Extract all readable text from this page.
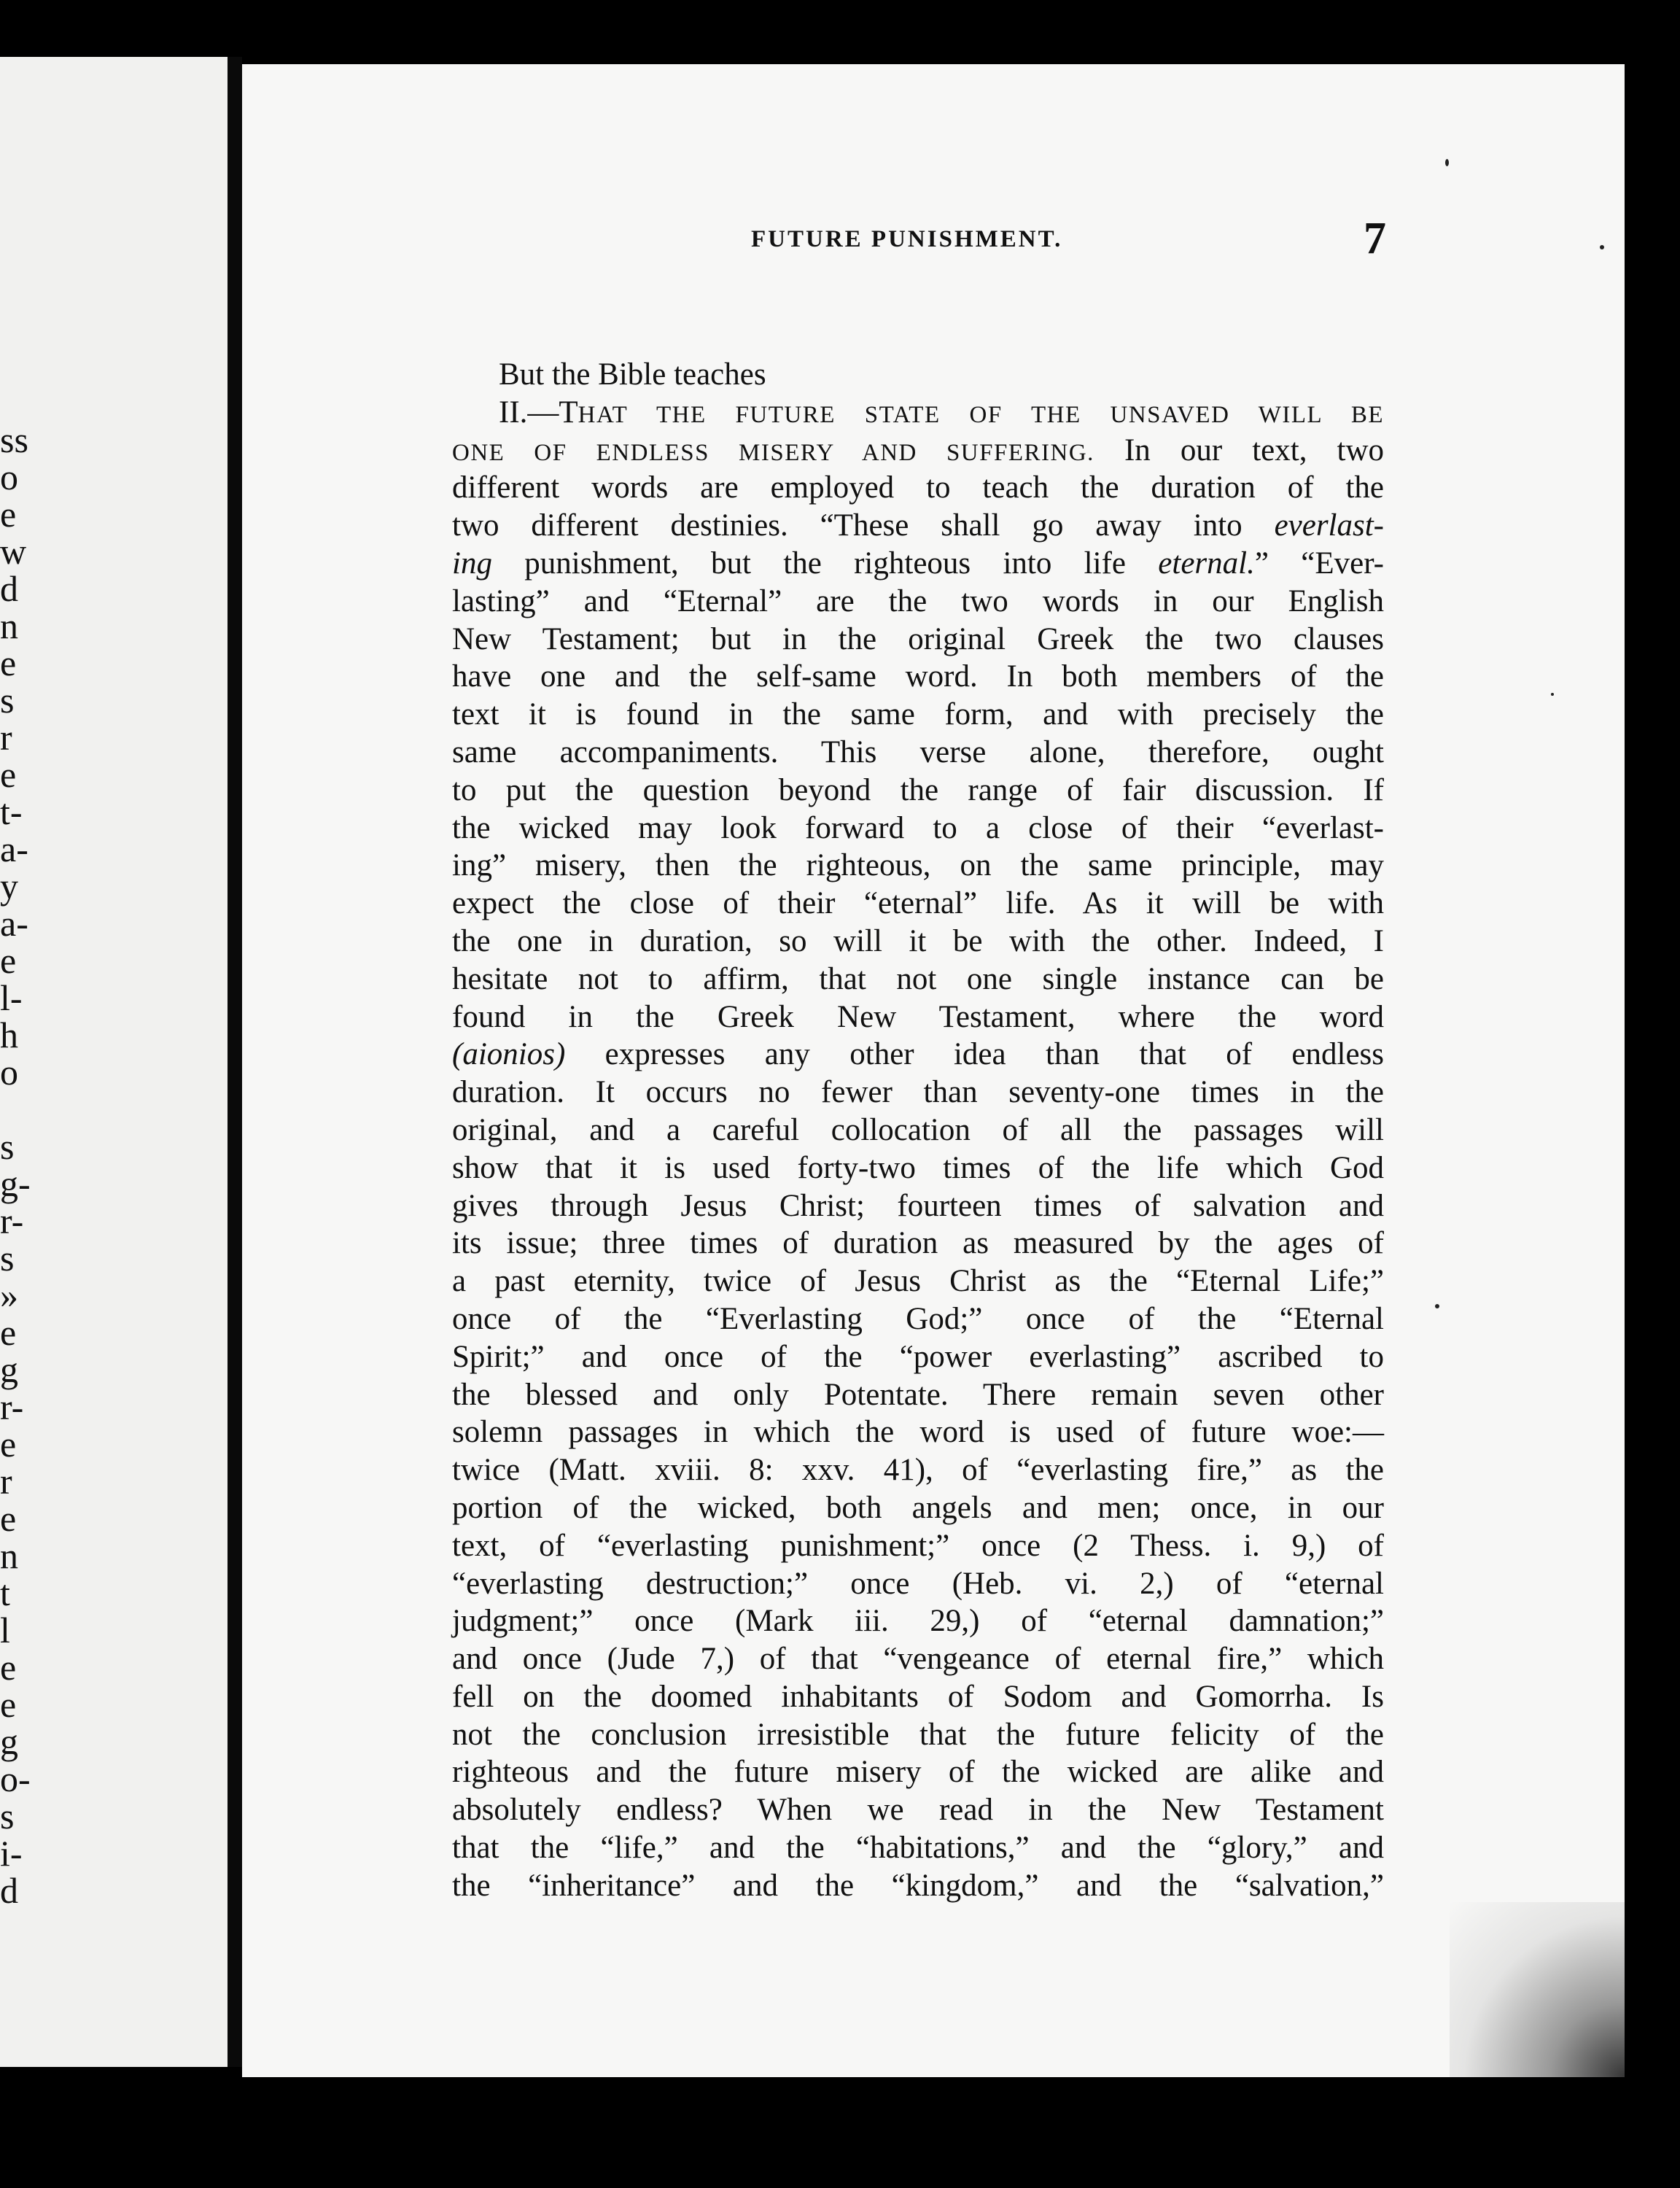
ss
o
e
w
d
n
e
s
r
e
t-
a-
y
a-
e
l-
h
o
s
g-
r-
s
»
e
g
r-
e
r
e
n
t
l
e
e
g
o-
s
i-
d
FUTURE PUNISHMENT.	7
But the Bible teaches
II.—THAT THE FUTURE STATE OF THE UNSAVED WILL BE
ONE OF ENDLESS MISERY AND SUFFERING. In our text, two
different words are employed to teach the duration of the
two different destinies. “These shall go away into everlast-
ing punishment, but the righteous into life eternal.” “Ever-
lasting” and “Eternal” are the two words in our English
New Testament; but in the original Greek the two clauses
have one and the self-same word. In both members of the
text it is found in the same form, and with precisely the
same accompaniments. This verse alone, therefore, ought
to put the question beyond the range of fair discussion. If
the wicked may look forward to a close of their “everlast-
ing” misery, then the righteous, on the same principle, may
expect the close of their “eternal” life. As it will be with
the one in duration, so will it be with the other. Indeed, I
hesitate not to affirm, that not one single instance can be
found in the Greek New Testament, where the word
(aionios) expresses any other idea than that of endless
duration. It occurs no fewer than seventy-one times in the
original, and a careful collocation of all the passages will
show that it is used forty-two times of the life which God
gives through Jesus Christ; fourteen times of salvation and
its issue; three times of duration as measured by the ages of
a past eternity, twice of Jesus Christ as the “Eternal Life;”
once of the “Everlasting God;” once of the “Eternal
Spirit;” and once of the “power everlasting” ascribed to
the blessed and only Potentate. There remain seven other
solemn passages in which the word is used of future woe:—
twice (Matt. xviii. 8: xxv. 41), of “everlasting fire,” as the
portion of the wicked, both angels and men; once, in our
text, of “everlasting punishment;” once (2 Thess. i. 9,) of
“everlasting destruction;” once (Heb. vi. 2,) of “eternal
judgment;” once (Mark iii. 29,) of “eternal damnation;”
and once (Jude 7,) of that “vengeance of eternal fire,” which
fell on the doomed inhabitants of Sodom and Gomorrha. Is
not the conclusion irresistible that the future felicity of the
righteous and the future misery of the wicked are alike and
absolutely endless? When we read in the New Testament
that the “life,” and the “habitations,” and the “glory,” and
the “inheritance” and the “kingdom,” and the “salvation,”
